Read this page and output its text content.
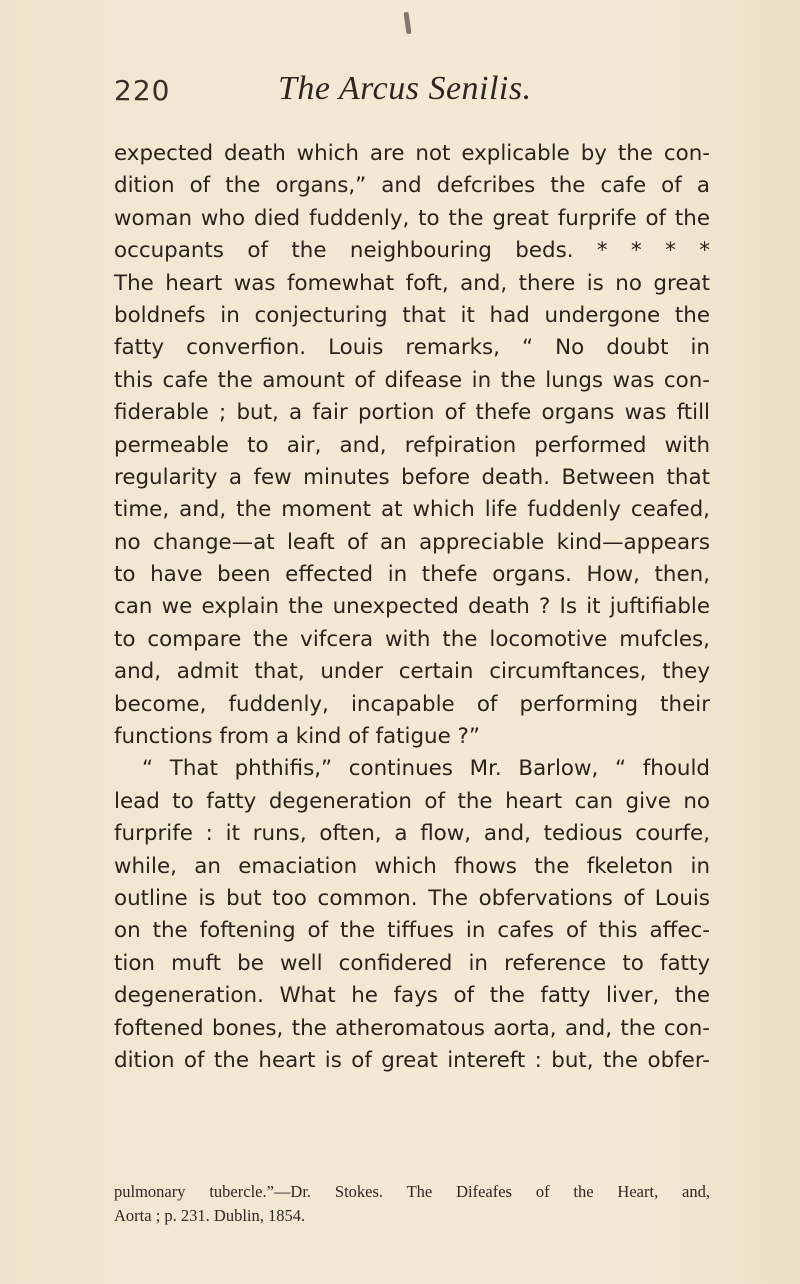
220	The Arcus Senilis.
expected death which are not explicable by the con-
dition of the organs,” and defcribes the cafe of a
woman who died fuddenly, to the great furprife of the
occupants of the neighbouring beds. * * * *
The heart was fomewhat foft, and, there is no great
boldnefs in conjecturing that it had undergone the
fatty converfion. Louis remarks, “ No doubt in
this cafe the amount of difease in the lungs was con-
fiderable ; but, a fair portion of thefe organs was ftill
permeable to air, and, refpiration performed with
regularity a few minutes before death. Between that
time, and, the moment at which life fuddenly ceafed,
no change—at leaft of an appreciable kind—appears
to have been effected in thefe organs. How, then,
can we explain the unexpected death ? Is it juftifiable
to compare the vifcera with the locomotive mufcles,
and, admit that, under certain circumftances, they
become, fuddenly, incapable of performing their
functions from a kind of fatigue ?”
“ That phthifis,” continues Mr. Barlow, “ fhould
lead to fatty degeneration of the heart can give no
furprife : it runs, often, a flow, and, tedious courfe,
while, an emaciation which fhows the fkeleton in
outline is but too common. The obfervations of Louis
on the foftening of the tiffues in cafes of this affec-
tion muft be well confidered in reference to fatty
degeneration. What he fays of the fatty liver, the
foftened bones, the atheromatous aorta, and, the con-
dition of the heart is of great intereft : but, the obfer-
pulmonary tubercle.”—Dr. Stokes. The Difeafes of the Heart, and,
Aorta ; p. 231. Dublin, 1854.
